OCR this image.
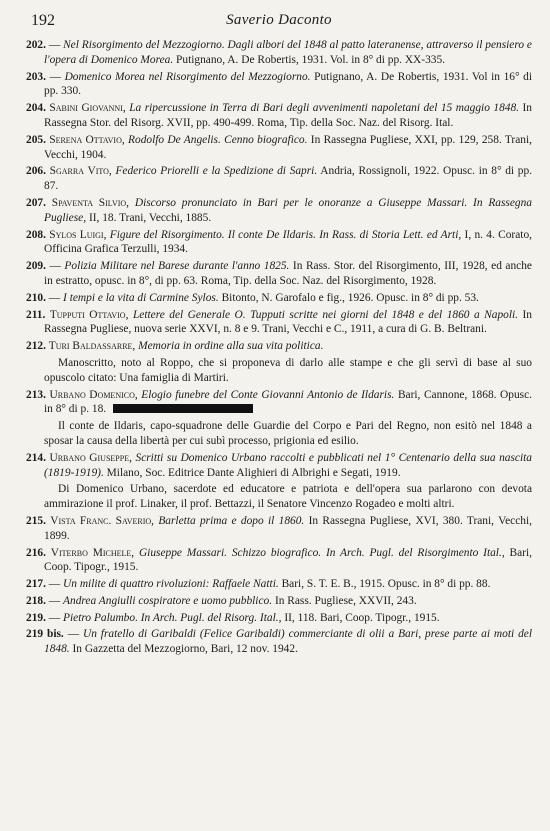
192	Saverio Daconto
202. — Nel Risorgimento del Mezzogiorno. Dagli albori del 1848 al patto lateranense, attraverso il pensiero e l'opera di Domenico Morea. Putignano, A. De Robertis, 1931. Vol. in 8° di pp. XX-335.
203. — Domenico Morea nel Risorgimento del Mezzogiorno. Putignano, A. De Robertis, 1931. Vol in 16° di pp. 330.
204. Sabini Giovanni, La ripercussione in Terra di Bari degli avvenimenti napoletani del 15 maggio 1848. In Rassegna Stor. del Risorg. XVII, pp. 490-499. Roma, Tip. della Soc. Naz. del Risorg. Ital.
205. Serena Ottavio, Rodolfo De Angelis. Cenno biografico. In Rassegna Pugliese, XXI, pp. 129, 258. Trani, Vecchi, 1904.
206. Sgarra Vito, Federico Priorelli e la Spedizione di Sapri. Andria, Rossignoli, 1922. Opusc. in 8° di pp. 87.
207. Spaventa Silvio, Discorso pronunciato in Bari per le onoranze a Giuseppe Massari. In Rassegna Pugliese, II, 18. Trani, Vecchi, 1885.
208. Sylos Luigi, Figure del Risorgimento. Il conte De Ildaris. In Rass. di Storia Lett. ed Arti, I, n. 4. Corato, Officina Grafica Terzulli, 1934.
209. — Polizia Militare nel Barese durante l'anno 1825. In Rass. Stor. del Risorgimento, III, 1928, ed anche in estratto, opusc. in 8°, di pp. 63. Roma, Tip. della Soc. Naz. del Risorgimento, 1928.
210. — I tempi e la vita di Carmine Sylos. Bitonto, N. Garofalo e fig., 1926. Opusc. in 8° di pp. 53.
211. Tupputi Ottavio, Lettere del Generale O. Tupputi scritte nei giorni del 1848 e del 1860 a Napoli. In Rassegna Pugliese, nuova serie XXVI, n. 8 e 9. Trani, Vecchi e C., 1911, a cura di G. B. Beltrani.
212. Turi Baldassarre, Memoria in ordine alla sua vita politica.
Manoscritto, noto al Roppo, che si proponeva di darlo alle stampe e che gli servì di base al suo opuscolo citato: Una famiglia di Martiri.
213. Urbano Domenico, Elogio funebre del Conte Giovanni Antonio de Ildaris. Bari, Cannone, 1868. Opusc. in 8° di p. 18.
Il conte de Ildaris, capo-squadrone delle Guardie del Corpo e Pari del Regno, non esitò nel 1848 a sposar la causa della libertà per cui subì processo, prigionia ed esilio.
214. Urbano Giuseppe, Scritti su Domenico Urbano raccolti e pubblicati nel 1° Centenario della sua nascita (1819-1919). Milano, Soc. Editrice Dante Alighieri di Albrighi e Segati, 1919.
Di Domenico Urbano, sacerdote ed educatore e patriota e dell'opera sua parlarono con devota ammirazione il prof. Linaker, il prof. Bettazzi, il Senatore Vincenzo Rogadeo e molti altri.
215. Vista Franc. Saverio, Barletta prima e dopo il 1860. In Rassegna Pugliese, XVI, 380. Trani, Vecchi, 1899.
216. Viterbo Michele, Giuseppe Massari. Schizzo biografico. In Arch. Pugl. del Risorgimento Ital., Bari, Coop. Tipogr., 1915.
217. — Un milite di quattro rivoluzioni: Raffaele Natti. Bari, S. T. E. B., 1915. Opusc. in 8° di pp. 88.
218. — Andrea Angiulli cospiratore e uomo pubblico. In Rass. Pugliese, XXVII, 243.
219. — Pietro Palumbo. In Arch. Pugl. del Risorg. Ital., II, 118. Bari, Coop. Tipogr., 1915.
219 bis. — Un fratello di Garibaldi (Felice Garibaldi) commerciante di olii a Bari, prese parte ai moti del 1848. In Gazzetta del Mezzogiorno, Bari, 12 nov. 1942.
